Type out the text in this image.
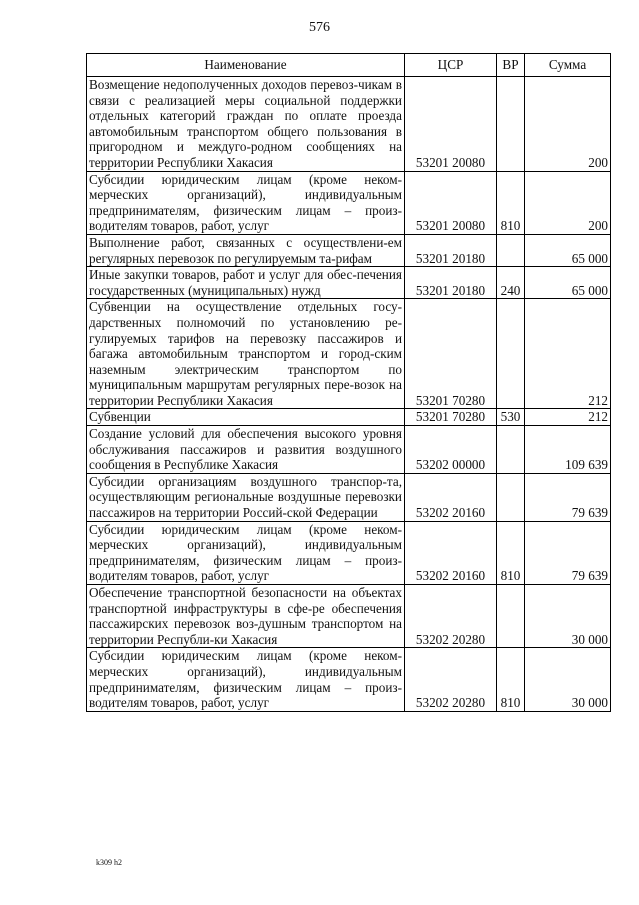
576
Наименование	ЦСР	ВР	Сумма
Возмещение недополученных доходов перевоз-чикам в связи с реализацией меры социальной поддержки отдельных категорий граждан по оплате проезда автомобильным транспортом общего пользования в пригородном и междуго-родном сообщениях на территории Республики Хакасия	53201 20080		200
Субсидии юридическим лицам (кроме неком-мерческих организаций), индивидуальным предпринимателям, физическим лицам – произ-водителям товаров, работ, услуг	53201 20080	810	200
Выполнение работ, связанных с осуществлени-ем регулярных перевозок по регулируемым та-рифам	53201 20180		65 000
Иные закупки товаров, работ и услуг для обес-печения государственных (муниципальных) нужд	53201 20180	240	65 000
Субвенции на осуществление отдельных госу-дарственных полномочий по установлению ре-гулируемых тарифов на перевозку пассажиров и багажа автомобильным транспортом и город-ским наземным электрическим транспортом по муниципальным маршрутам регулярных пере-возок на территории Республики Хакасия	53201 70280		212
Субвенции	53201 70280	530	212
Создание условий для обеспечения высокого уровня обслуживания пассажиров и развития воздушного сообщения в Республике Хакасия	53202 00000		109 639
Субсидии организациям воздушного транспор-та, осуществляющим региональные воздушные перевозки пассажиров на территории Россий-ской Федерации	53202 20160		79 639
Субсидии юридическим лицам (кроме неком-мерческих организаций), индивидуальным предпринимателям, физическим лицам – произ-водителям товаров, работ, услуг	53202 20160	810	79 639
Обеспечение транспортной безопасности на объектах транспортной инфраструктуры в сфе-ре обеспечения пассажирских перевозок воз-душным транспортом на территории Республи-ки Хакасия	53202 20280		30 000
Субсидии юридическим лицам (кроме неком-мерческих организаций), индивидуальным предпринимателям, физическим лицам – произ-водителям товаров, работ, услуг	53202 20280	810	30 000
k309 h2
